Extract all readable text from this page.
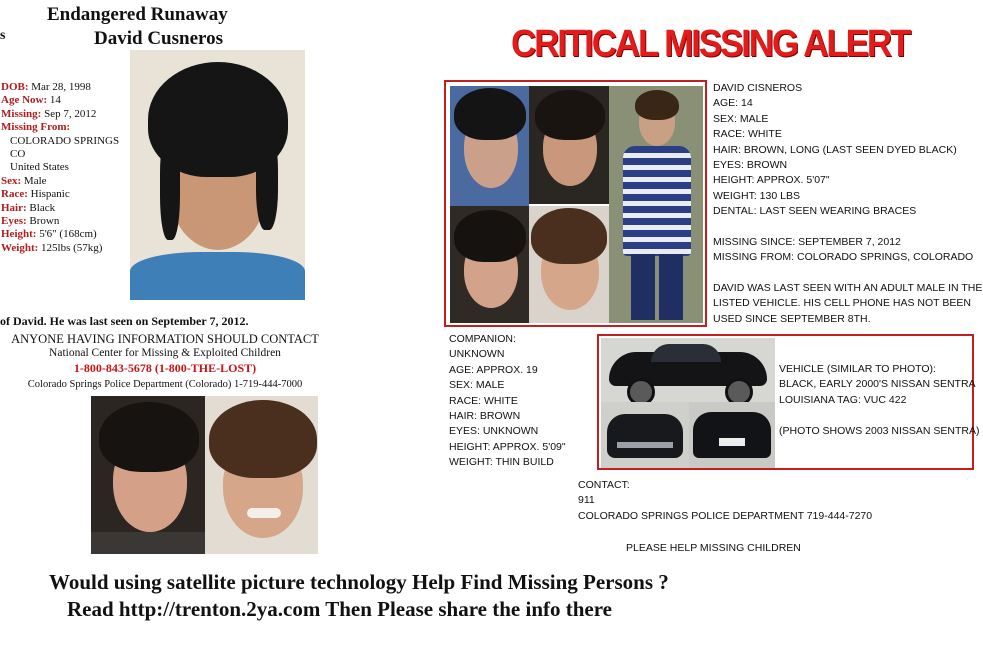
Endangered Runaway
David Cusneros
s
DOB: Mar 28, 1998
Age Now: 14
Missing: Sep 7, 2012
Missing From:
COLORADO SPRINGS
CO
United States
Sex: Male
Race: Hispanic
Hair: Black
Eyes: Brown
Height: 5'6" (168cm)
Weight: 125lbs (57kg)
of David. He was last seen on September 7, 2012.
ANYONE HAVING INFORMATION SHOULD CONTACT
National Center for Missing & Exploited Children
1-800-843-5678 (1-800-THE-LOST)
Colorado Springs Police Department (Colorado) 1-719-444-7000
CRITICAL MISSING ALERT
DAVID CISNEROS
AGE: 14
SEX: MALE
RACE: WHITE
HAIR: BROWN, LONG (LAST SEEN DYED BLACK)
EYES: BROWN
HEIGHT: APPROX. 5'07"
WEIGHT: 130 LBS
DENTAL: LAST SEEN WEARING BRACES
MISSING SINCE: SEPTEMBER 7, 2012
MISSING FROM: COLORADO SPRINGS, COLORADO
DAVID WAS LAST SEEN WITH AN ADULT MALE IN THE
LISTED VEHICLE. HIS CELL PHONE HAS NOT BEEN
USED SINCE SEPTEMBER 8TH.
COMPANION:
UNKNOWN
AGE: APPROX. 19
SEX: MALE
RACE: WHITE
HAIR: BROWN
EYES: UNKNOWN
HEIGHT: APPROX. 5'09"
WEIGHT: THIN BUILD
VEHICLE (SIMILAR TO PHOTO):
BLACK, EARLY 2000'S NISSAN SENTRA
LOUISIANA TAG: VUC 422
(PHOTO SHOWS 2003 NISSAN SENTRA)
CONTACT:
911
COLORADO SPRINGS POLICE DEPARTMENT 719-444-7270
PLEASE HELP MISSING CHILDREN
Would using satellite picture technology Help Find Missing Persons ?
Read http://trenton.2ya.com Then Please share the info there
